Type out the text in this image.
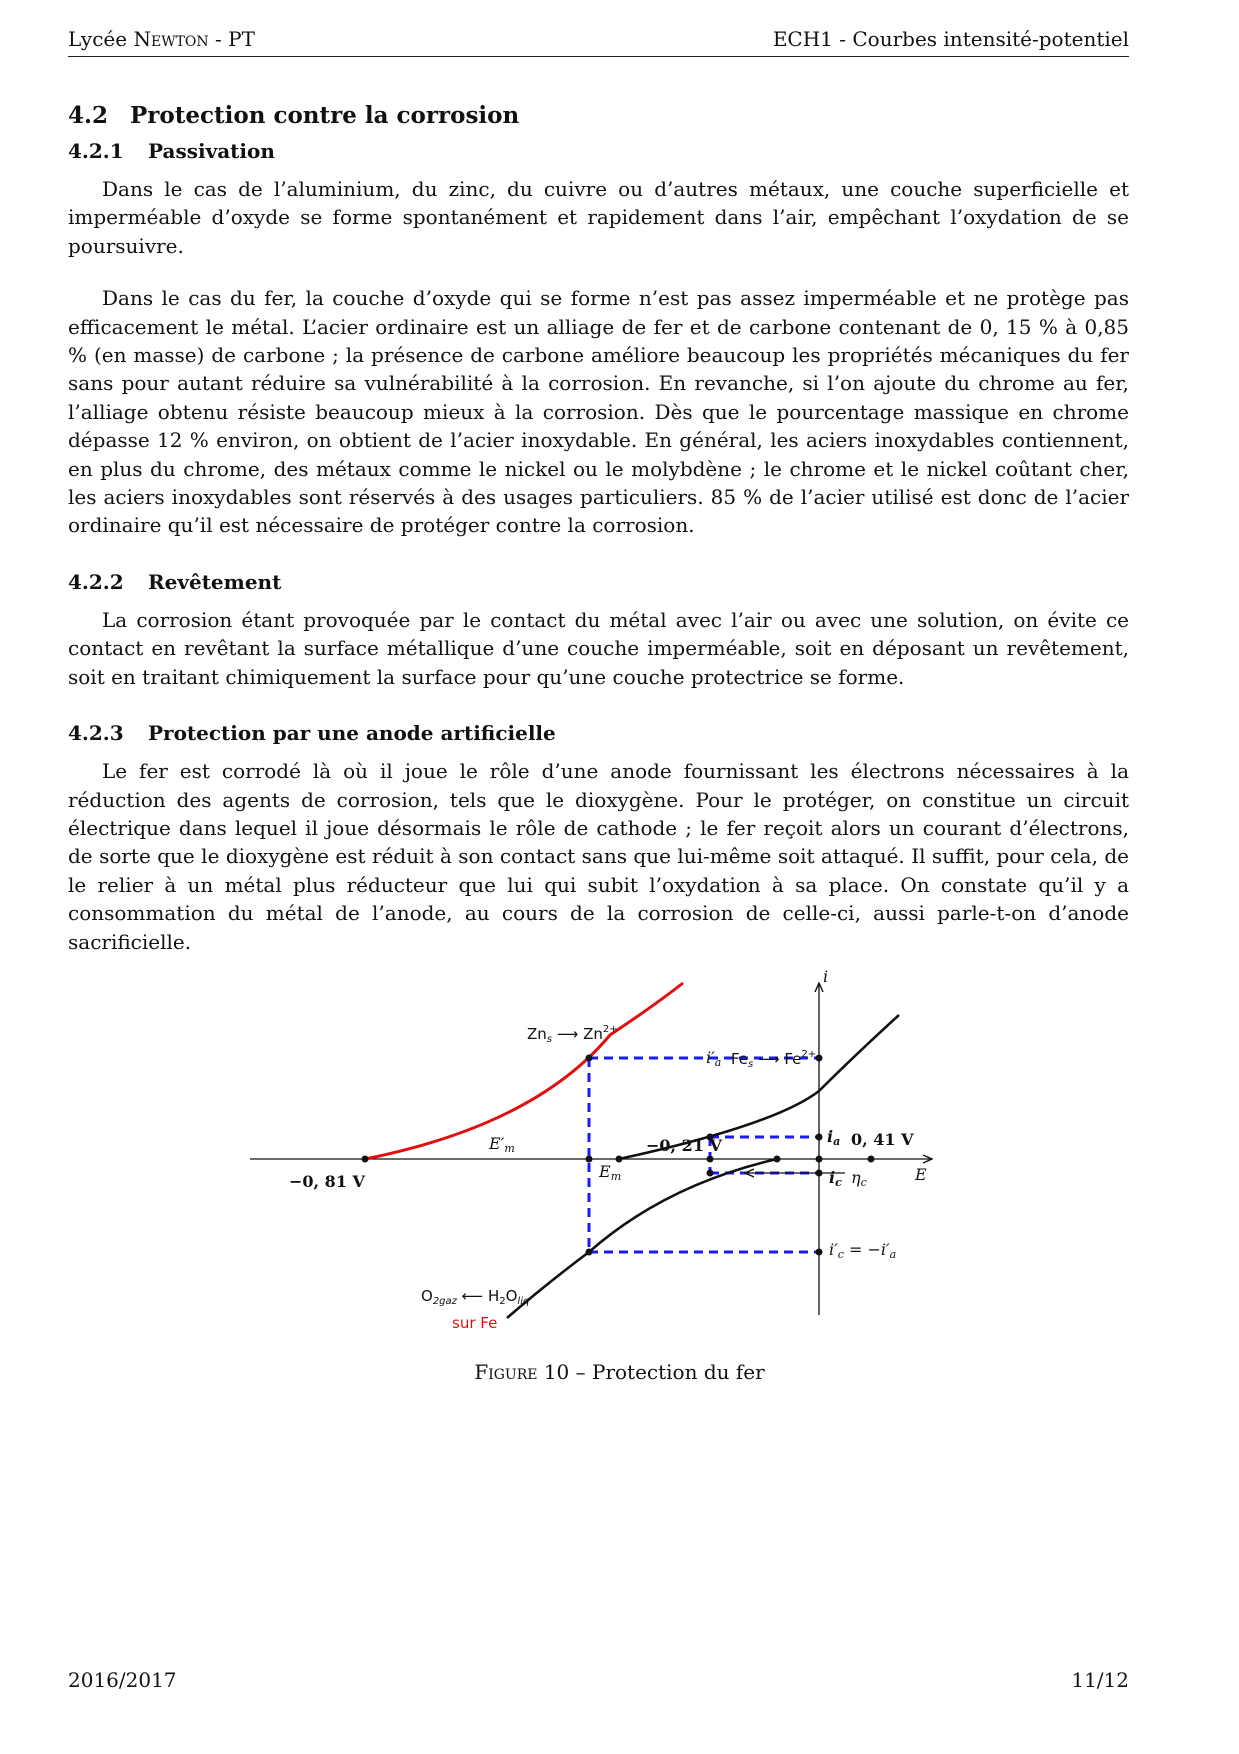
Lycée Newton - PT	ECH1 - Courbes intensité-potentiel
4.2 Protection contre la corrosion
4.2.1 Passivation

Dans le cas de l’aluminium, du zinc, du cuivre ou d’autres métaux, une couche superficielle et imperméable d’oxyde se forme spontanément et rapidement dans l’air, empêchant l’oxydation de se poursuivre.

Dans le cas du fer, la couche d’oxyde qui se forme n’est pas assez imperméable et ne protège pas efficacement le métal. L’acier ordinaire est un alliage de fer et de carbone contenant de 0, 15 % à 0,85 % (en masse) de carbone ; la présence de carbone améliore beaucoup les propriétés mécaniques du fer sans pour autant réduire sa vulnérabilité à la corrosion. En revanche, si l’on ajoute du chrome au fer, l’alliage obtenu résiste beaucoup mieux à la corrosion. Dès que le pourcentage massique en chrome dépasse 12 % environ, on obtient de l’acier inoxydable. En général, les aciers inoxydables contiennent, en plus du chrome, des métaux comme le nickel ou le molybdène ; le chrome et le nickel coûtant cher, les aciers inoxydables sont réservés à des usages particuliers. 85 % de l’acier utilisé est donc de l’acier ordinaire qu’il est nécessaire de protéger contre la corrosion.

4.2.2 Revêtement

La corrosion étant provoquée par le contact du métal avec l’air ou avec une solution, on évite ce contact en revêtant la surface métallique d’une couche imperméable, soit en déposant un revêtement, soit en traitant chimiquement la surface pour qu’une couche protectrice se forme.

4.2.3 Protection par une anode artificielle

Le fer est corrodé là où il joue le rôle d’une anode fournissant les électrons nécessaires à la réduction des agents de corrosion, tels que le dioxygène. Pour le protéger, on constitue un circuit électrique dans lequel il joue désormais le rôle de cathode ; le fer reçoit alors un courant d’électrons, de sorte que le dioxygène est réduit à son contact sans que lui-même soit attaqué. Il suffit, pour cela, de le relier à un métal plus réducteur que lui qui subit l’oxydation à sa place. On constate qu’il y a consommation du métal de l’anode, au cours de la corrosion de celle-ci, aussi parle-t-on d’anode sacrificielle.

i
E
$Zn_s$ ⟶ $Zn^{2+}$
$Fe_s$ ⟶ $Fe^{2+}$
i′a
E′m
Em
−0, 21 V	ia 0, 41 V
ic ηc
−0, 81 V
i′c = −i′a
$O_{2gaz}$ ⟵ $H_2O_{liq}$
sur Fe
Figure 10 – Protection du fer
2016/2017	11/12
